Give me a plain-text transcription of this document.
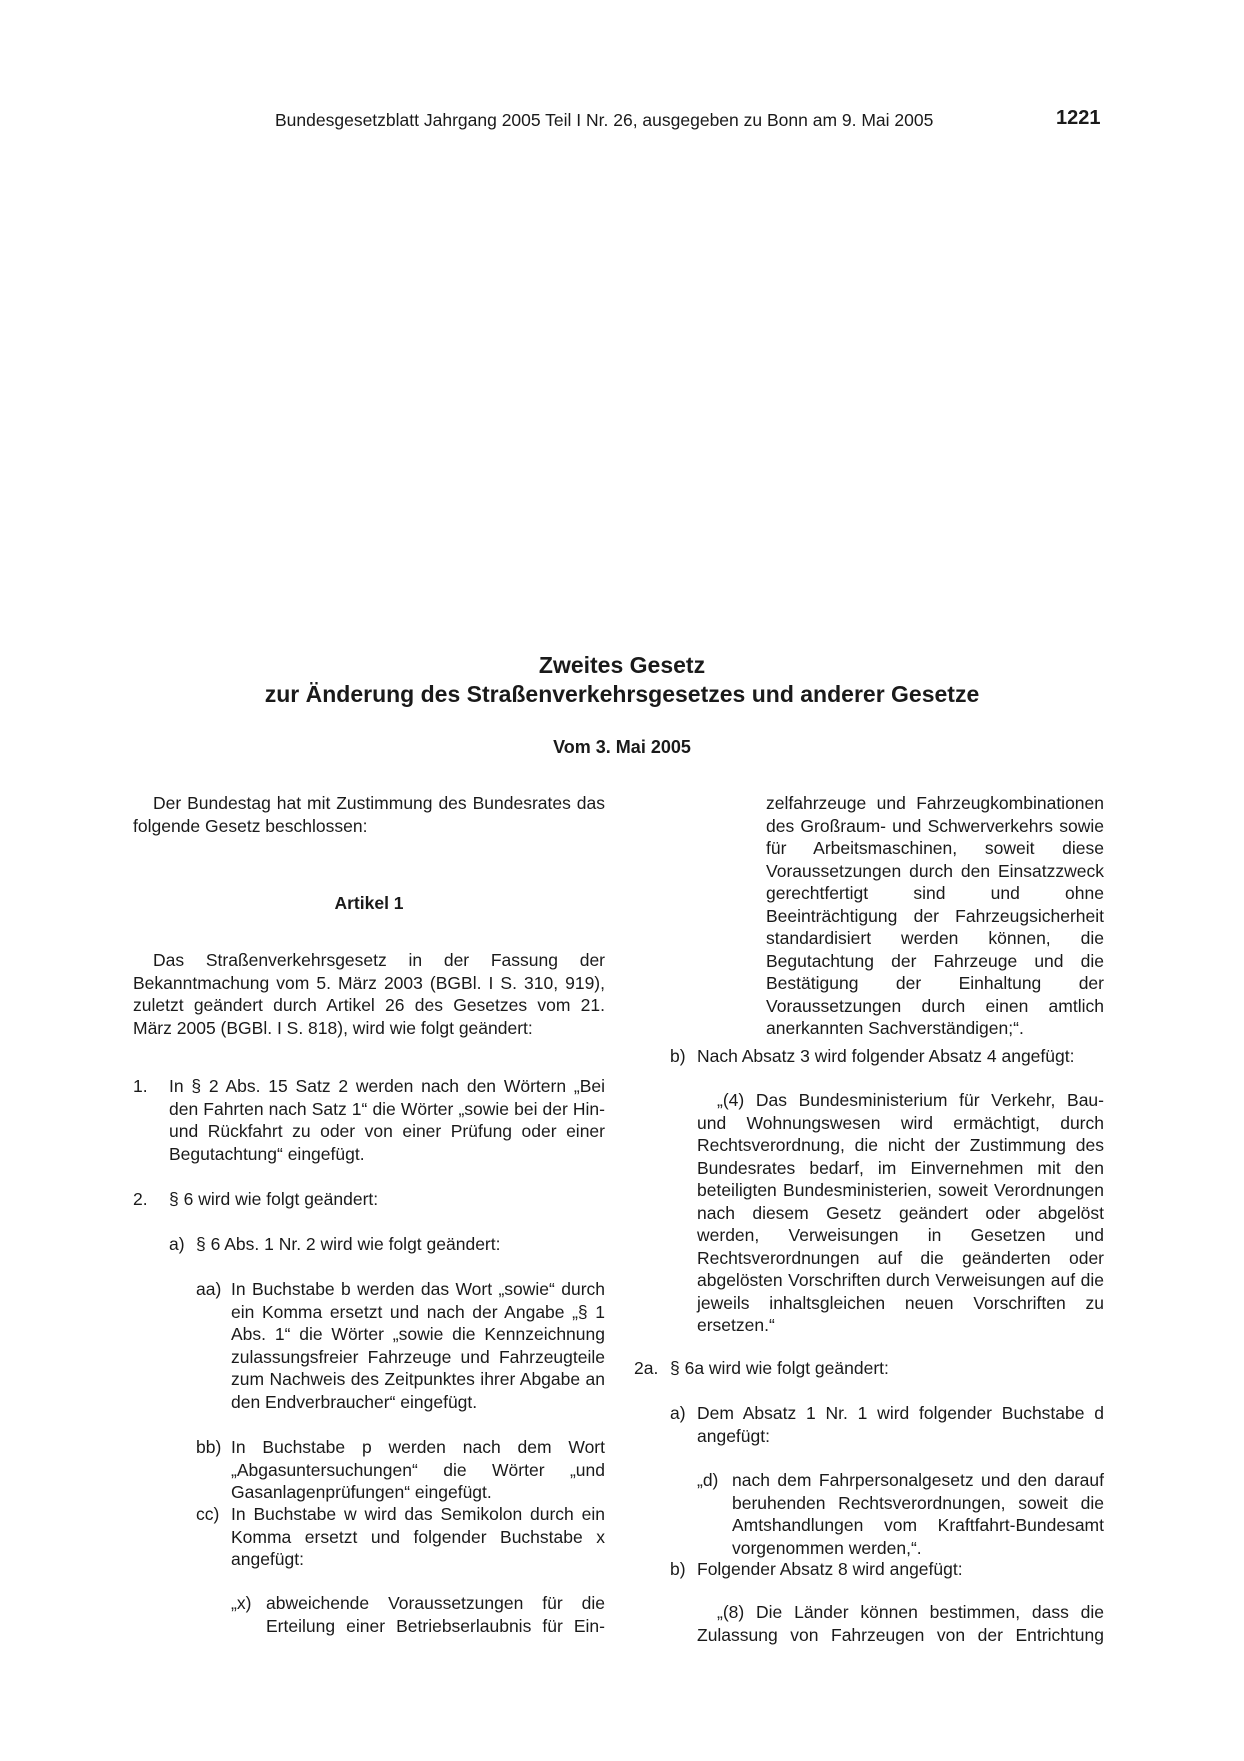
Bundesgesetzblatt Jahrgang 2005 Teil I Nr. 26, ausgegeben zu Bonn am 9. Mai 2005	1221
Zweites Gesetz
zur Änderung des Straßenverkehrsgesetzes und anderer Gesetze
Vom 3. Mai 2005

Der Bundestag hat mit Zustimmung des Bundesrates das folgende Gesetz beschlossen:

Artikel 1

Das Straßenverkehrsgesetz in der Fassung der Bekanntmachung vom 5. März 2003 (BGBl. I S. 310, 919), zuletzt geändert durch Artikel 26 des Gesetzes vom 21. März 2005 (BGBl. I S. 818), wird wie folgt geändert:

1. In § 2 Abs. 15 Satz 2 werden nach den Wörtern „Bei den Fahrten nach Satz 1“ die Wörter „sowie bei der Hin- und Rückfahrt zu oder von einer Prüfung oder einer Begutachtung“ eingefügt.

2. § 6 wird wie folgt geändert:

a) § 6 Abs. 1 Nr. 2 wird wie folgt geändert:

aa) In Buchstabe b werden das Wort „sowie“ durch ein Komma ersetzt und nach der Angabe „§ 1 Abs. 1“ die Wörter „sowie die Kennzeichnung zulassungsfreier Fahrzeuge und Fahrzeugteile zum Nachweis des Zeitpunktes ihrer Abgabe an den Endverbraucher“ eingefügt.

bb) In Buchstabe p werden nach dem Wort „Abgasuntersuchungen“ die Wörter „und Gasanlagenprüfungen“ eingefügt.

cc) In Buchstabe w wird das Semikolon durch ein Komma ersetzt und folgender Buchstabe x angefügt:

„x) abweichende Voraussetzungen für die Erteilung einer Betriebserlaubnis für Ein-

zelfahrzeuge und Fahrzeugkombinationen des Großraum- und Schwerverkehrs sowie für Arbeitsmaschinen, soweit diese Voraussetzungen durch den Einsatzzweck gerechtfertigt sind und ohne Beeinträchtigung der Fahrzeugsicherheit standardisiert werden können, die Begutachtung der Fahrzeuge und die Bestätigung der Einhaltung der Voraussetzungen durch einen amtlich anerkannten Sachverständigen;“.

b) Nach Absatz 3 wird folgender Absatz 4 angefügt:

„(4) Das Bundesministerium für Verkehr, Bau- und Wohnungswesen wird ermächtigt, durch Rechtsverordnung, die nicht der Zustimmung des Bundesrates bedarf, im Einvernehmen mit den beteiligten Bundesministerien, soweit Verordnungen nach diesem Gesetz geändert oder abgelöst werden, Verweisungen in Gesetzen und Rechtsverordnungen auf die geänderten oder abgelösten Vorschriften durch Verweisungen auf die jeweils inhaltsgleichen neuen Vorschriften zu ersetzen.“

2a. § 6a wird wie folgt geändert:

a) Dem Absatz 1 Nr. 1 wird folgender Buchstabe d angefügt:

„d) nach dem Fahrpersonalgesetz und den darauf beruhenden Rechtsverordnungen, soweit die Amtshandlungen vom Kraftfahrt-Bundesamt vorgenommen werden,“.

b) Folgender Absatz 8 wird angefügt:

„(8) Die Länder können bestimmen, dass die Zulassung von Fahrzeugen von der Entrichtung
